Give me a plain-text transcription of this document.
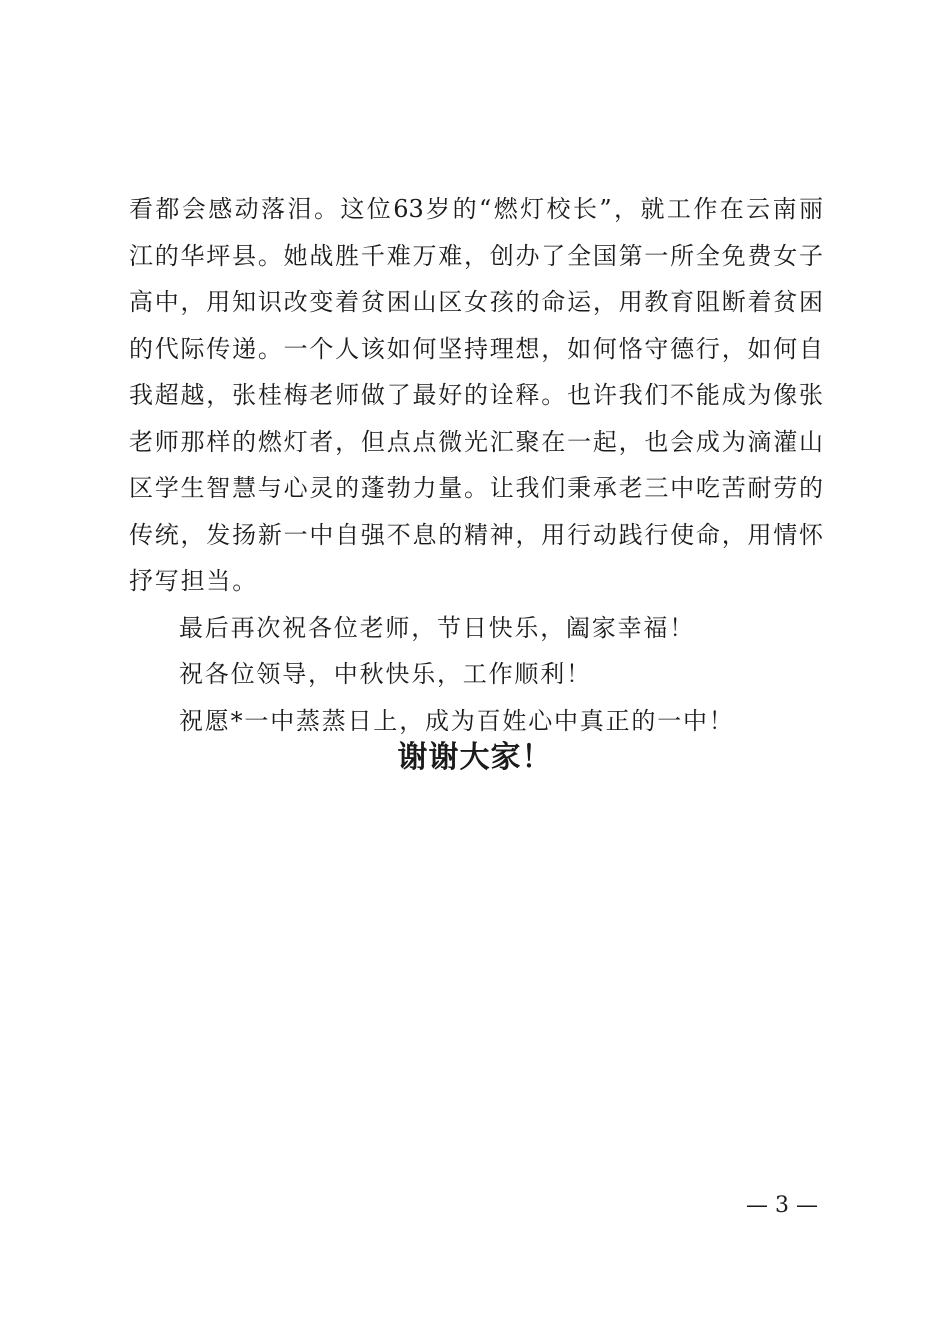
看都会感动落泪。这位63岁的“燃灯校长”，就工作在云南丽
江的华坪县。她战胜千难万难，创办了全国第一所全免费女子
高中，用知识改变着贫困山区女孩的命运，用教育阻断着贫困
的代际传递。一个人该如何坚持理想，如何恪守德行，如何自
我超越，张桂梅老师做了最好的诠释。也许我们不能成为像张
老师那样的燃灯者，但点点微光汇聚在一起，也会成为滴灌山
区学生智慧与心灵的蓬勃力量。让我们秉承老三中吃苦耐劳的
传统，发扬新一中自强不息的精神，用行动践行使命，用情怀
抒写担当。
最后再次祝各位老师，节日快乐，阖家幸福！
祝各位领导，中秋快乐，工作顺利！
祝愿*一中蒸蒸日上，成为百姓心中真正的一中！
谢谢大家！
— 3 —
